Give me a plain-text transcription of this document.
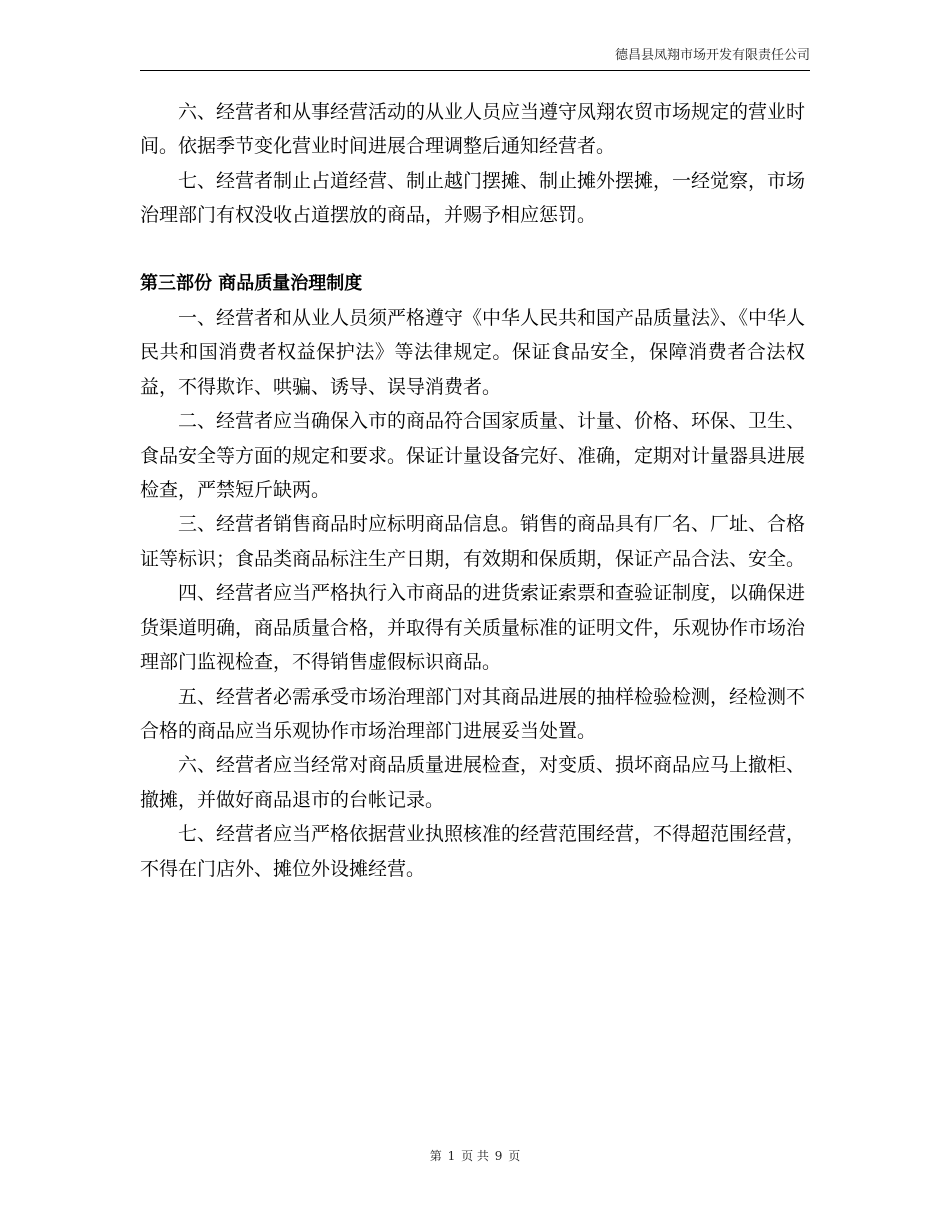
德昌县凤翔市场开发有限责任公司

六、经营者和从事经营活动的从业人员应当遵守凤翔农贸市场规定的营业时间。依据季节变化营业时间进展合理调整后通知经营者。

七、经营者制止占道经营、制止越门摆摊、制止摊外摆摊，一经觉察，市场治理部门有权没收占道摆放的商品，并赐予相应惩罚。

第三部份 商品质量治理制度

一、经营者和从业人员须严格遵守《中华人民共和国产品质量法》、《中华人民共和国消费者权益保护法》等法律规定。保证食品安全，保障消费者合法权益，不得欺诈、哄骗、诱导、误导消费者。

二、经营者应当确保入市的商品符合国家质量、计量、价格、环保、卫生、食品安全等方面的规定和要求。保证计量设备完好、准确，定期对计量器具进展检查，严禁短斤缺两。

三、经营者销售商品时应标明商品信息。销售的商品具有厂名、厂址、合格证等标识；食品类商品标注生产日期，有效期和保质期，保证产品合法、安全。

四、经营者应当严格执行入市商品的进货索证索票和查验证制度，以确保进货渠道明确，商品质量合格，并取得有关质量标准的证明文件，乐观协作市场治理部门监视检查，不得销售虚假标识商品。

五、经营者必需承受市场治理部门对其商品进展的抽样检验检测，经检测不合格的商品应当乐观协作市场治理部门进展妥当处置。

六、经营者应当经常对商品质量进展检查，对变质、损坏商品应马上撤柜、撤摊，并做好商品退市的台帐记录。

七、经营者应当严格依据营业执照核准的经营范围经营，不得超范围经营，不得在门店外、摊位外设摊经营。

第 1 页 共 9 页
